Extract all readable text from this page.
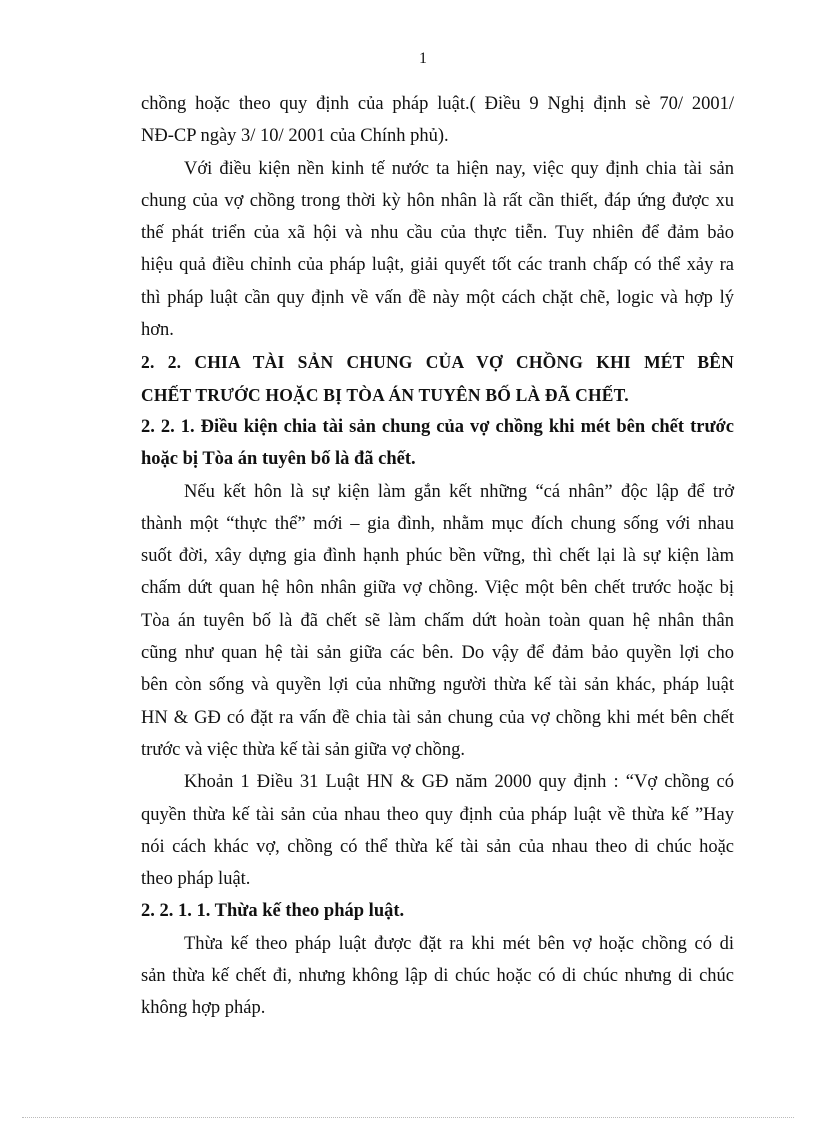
1
chồng hoặc theo quy định của pháp luật.( Điều 9 Nghị định sè 70/ 2001/
NĐ-CP ngày 3/ 10/ 2001 của Chính phủ).
Với điều kiện nền kinh tế nước ta hiện nay, việc quy định chia tài sản
chung của vợ chồng trong thời kỳ hôn nhân là rất cần thiết, đáp ứng được xu
thế phát triển của xã hội và nhu cầu của thực tiễn. Tuy nhiên để đảm bảo
hiệu quả điều chỉnh của pháp luật, giải quyết tốt các tranh chấp có thể xảy ra
thì pháp luật cần quy định về vấn đề này một cách chặt chẽ, logic và hợp lý
hơn.
2. 2. CHIA TÀI SẢN CHUNG CỦA VỢ CHỒNG KHI MÉT BÊN
CHẾT TRƯỚC HOẶC BỊ TÒA ÁN TUYÊN BỐ LÀ ĐÃ CHẾT.
2. 2. 1. Điều kiện chia tài sản chung của vợ chồng khi mét bên chết trước
hoặc bị Tòa án tuyên bố là đã chết.
Nếu kết hôn là sự kiện làm gắn kết những “cá nhân” độc lập để trở
thành một “thực thể” mới – gia đình, nhằm mục đích chung sống với nhau
suốt đời, xây dựng gia đình hạnh phúc bền vững, thì chết lại là sự kiện làm
chấm dứt quan hệ hôn nhân giữa vợ chồng. Việc một bên chết trước hoặc bị
Tòa án tuyên bố là đã chết sẽ làm chấm dứt hoàn toàn quan hệ nhân thân
cũng như quan hệ tài sản giữa các bên. Do vậy để đảm bảo quyền lợi cho
bên còn sống và quyền lợi của những người thừa kế tài sản khác, pháp luật
HN & GĐ có đặt ra vấn đề chia tài sản chung của vợ chồng khi mét bên chết
trước và việc thừa kế tài sản giữa vợ chồng.
Khoản 1 Điều 31 Luật HN & GĐ năm 2000 quy định : “Vợ chồng có
quyền thừa kế tài sản của nhau theo quy định của pháp luật về thừa kế ”Hay
nói cách khác vợ, chồng có thể thừa kế tài sản của nhau theo di chúc hoặc
theo pháp luật.
2. 2. 1. 1. Thừa kế theo pháp luật.
Thừa kế theo pháp luật được đặt ra khi mét bên vợ hoặc chồng có di
sản thừa kế chết đi, nhưng không lập di chúc hoặc có di chúc nhưng di chúc
không hợp pháp.
